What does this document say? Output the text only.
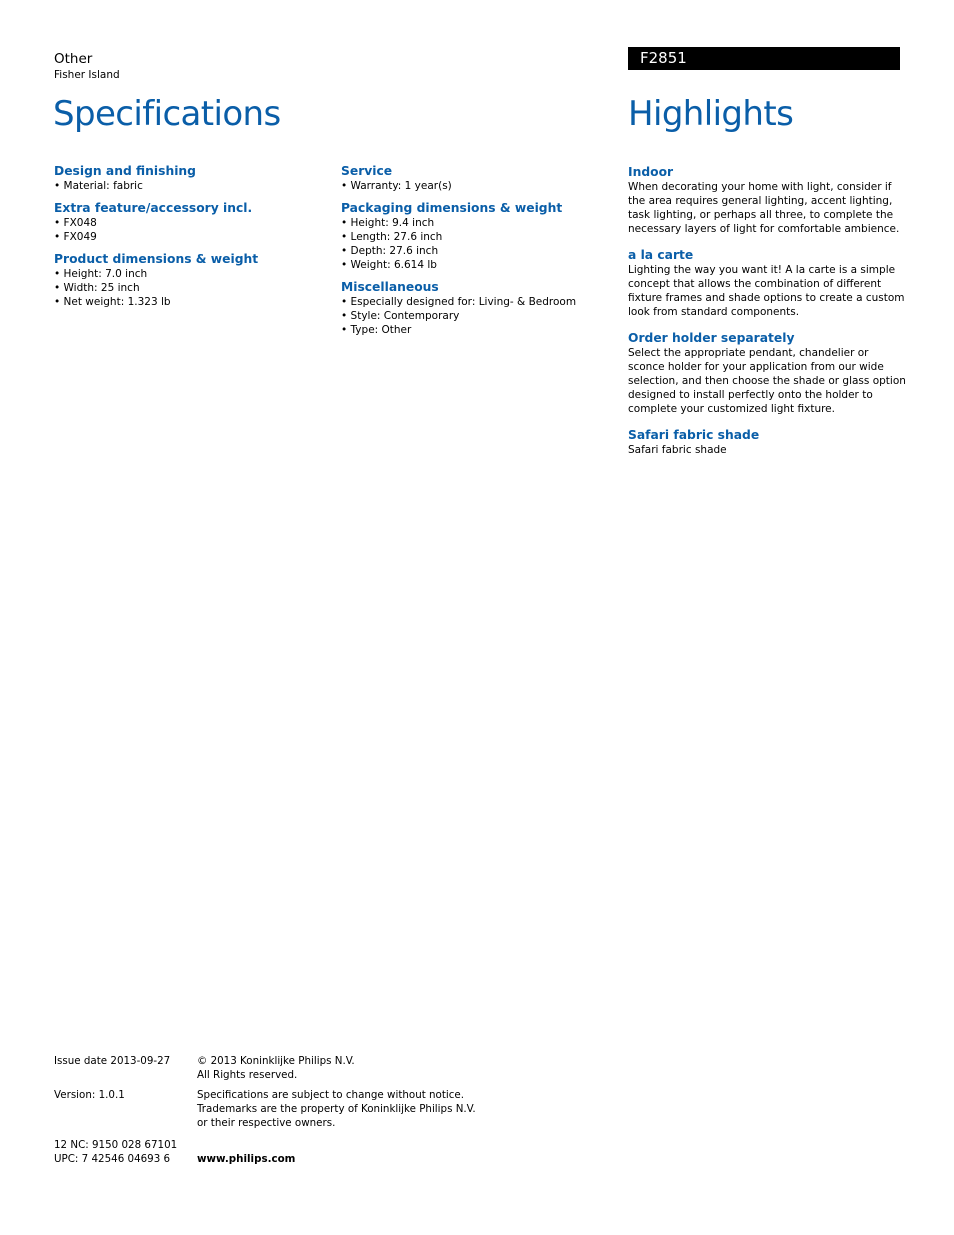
Other
Fisher Island
F2851
Specifications	Highlights
Design and finishing
• Material: fabric
Extra feature/accessory incl.
• FX048
• FX049
Product dimensions & weight
• Height: 7.0 inch
• Width: 25 inch
• Net weight: 1.323 lb
Service
• Warranty: 1 year(s)
Packaging dimensions & weight
• Height: 9.4 inch
• Length: 27.6 inch
• Depth: 27.6 inch
• Weight: 6.614 lb
Miscellaneous
• Especially designed for: Living- & Bedroom
• Style: Contemporary
• Type: Other
Indoor
When decorating your home with light, consider if the area requires general lighting, accent lighting, task lighting, or perhaps all three, to complete the necessary layers of light for comfortable ambience.
a la carte
Lighting the way you want it! A la carte is a simple concept that allows the combination of different fixture frames and shade options to create a custom look from standard components.
Order holder separately
Select the appropriate pendant, chandelier or sconce holder for your application from our wide selection, and then choose the shade or glass option designed to install perfectly onto the holder to complete your customized light fixture.
Safari fabric shade
Safari fabric shade
Issue date 2013-09-27
Version: 1.0.1
12 NC: 9150 028 67101
UPC: 7 42546 04693 6
© 2013 Koninklijke Philips N.V.
All Rights reserved.
Specifications are subject to change without notice.
Trademarks are the property of Koninklijke Philips N.V.
or their respective owners.
www.philips.com
